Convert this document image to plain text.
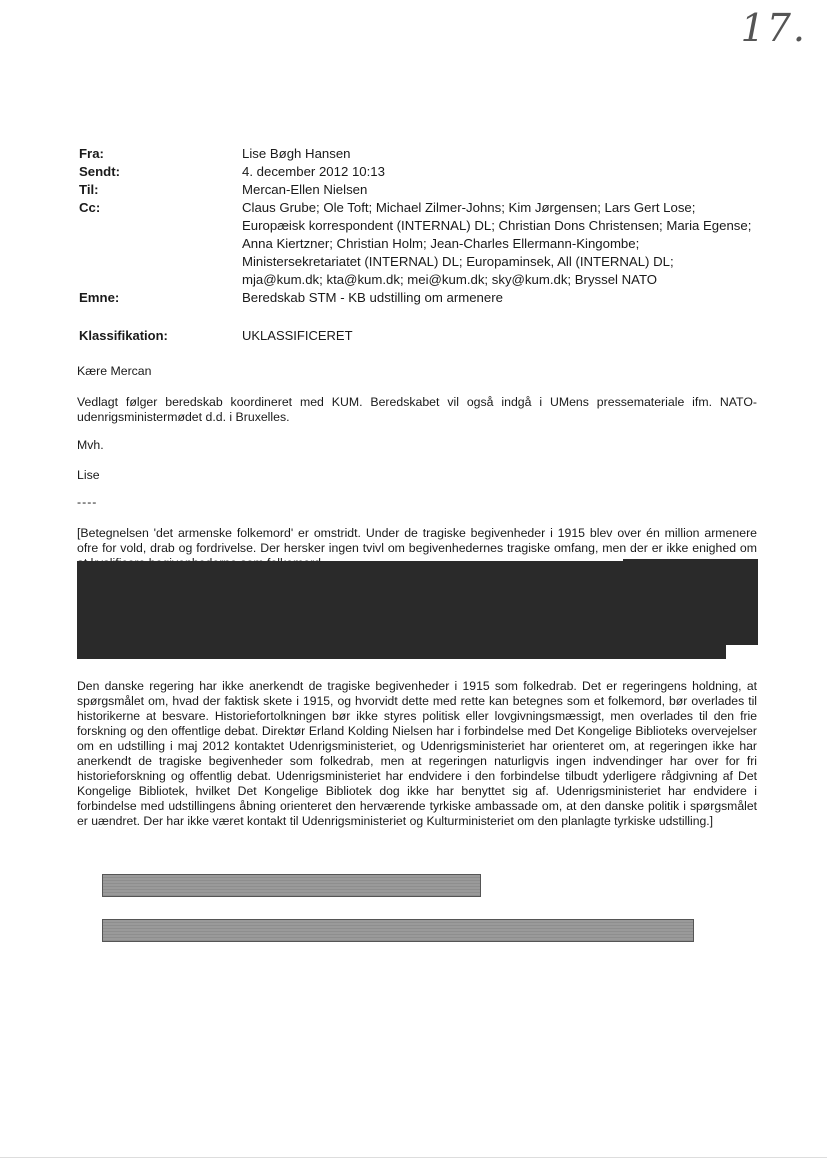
17.
Fra:	Lise Bøgh Hansen
Sendt:	4. december 2012 10:13
Til:	Mercan-Ellen Nielsen
Cc:	Claus Grube; Ole Toft; Michael Zilmer-Johns; Kim Jørgensen; Lars Gert Lose;
Europæisk korrespondent (INTERNAL) DL; Christian Dons Christensen; Maria Egense;
Anna Kiertzner; Christian Holm; Jean-Charles Ellermann-Kingombe;
Ministersekretariatet (INTERNAL) DL; Europaminsek, All (INTERNAL) DL;
mja@kum.dk; kta@kum.dk; mei@kum.dk; sky@kum.dk; Bryssel NATO
Emne:	Beredskab STM - KB udstilling om armenere
Klassifikation:	UKLASSIFICERET
Kære Mercan
Vedlagt følger beredskab koordineret med KUM. Beredskabet vil også indgå i UMens pressemateriale ifm. NATO-udenrigsministermødet d.d. i Bruxelles.
Mvh.
Lise
----
[Betegnelsen 'det armenske folkemord' er omstridt. Under de tragiske begivenheder i 1915 blev over én million armenere ofre for vold, drab og fordrivelse. Der hersker ingen tvivl om begivenhedernes tragiske omfang, men der er ikke enighed om
Den danske regering har ikke anerkendt de tragiske begivenheder i 1915 som folkedrab. Det er regeringens holdning, at spørgsmålet om, hvad der faktisk skete i 1915, og hvorvidt dette med rette kan betegnes som et folkemord, bør overlades til historikerne at besvare. Historiefortolkningen bør ikke styres politisk eller lovgivningsmæssigt, men overlades til den frie forskning og den offentlige debat. Direktør Erland Kolding Nielsen har i forbindelse med Det Kongelige Biblioteks overvejelser om en udstilling i maj 2012 kontaktet Udenrigsministeriet, og Udenrigsministeriet har orienteret om, at regeringen ikke har anerkendt de tragiske begivenheder som folkedrab, men at regeringen naturligvis ingen indvendinger har over for fri historieforskning og offentlig debat. Udenrigsministeriet har endvidere i den forbindelse tilbudt yderligere rådgivning af Det Kongelige Bibliotek, hvilket Det Kongelige Bibliotek dog ikke har benyttet sig af. Udenrigsministeriet har endvidere i forbindelse med udstillingens åbning orienteret den herværende tyrkiske ambassade om, at den danske politik i spørgsmålet er uændret. Der har ikke været kontakt til Udenrigsministeriet og Kulturministeriet om den planlagte tyrkiske udstilling.]
